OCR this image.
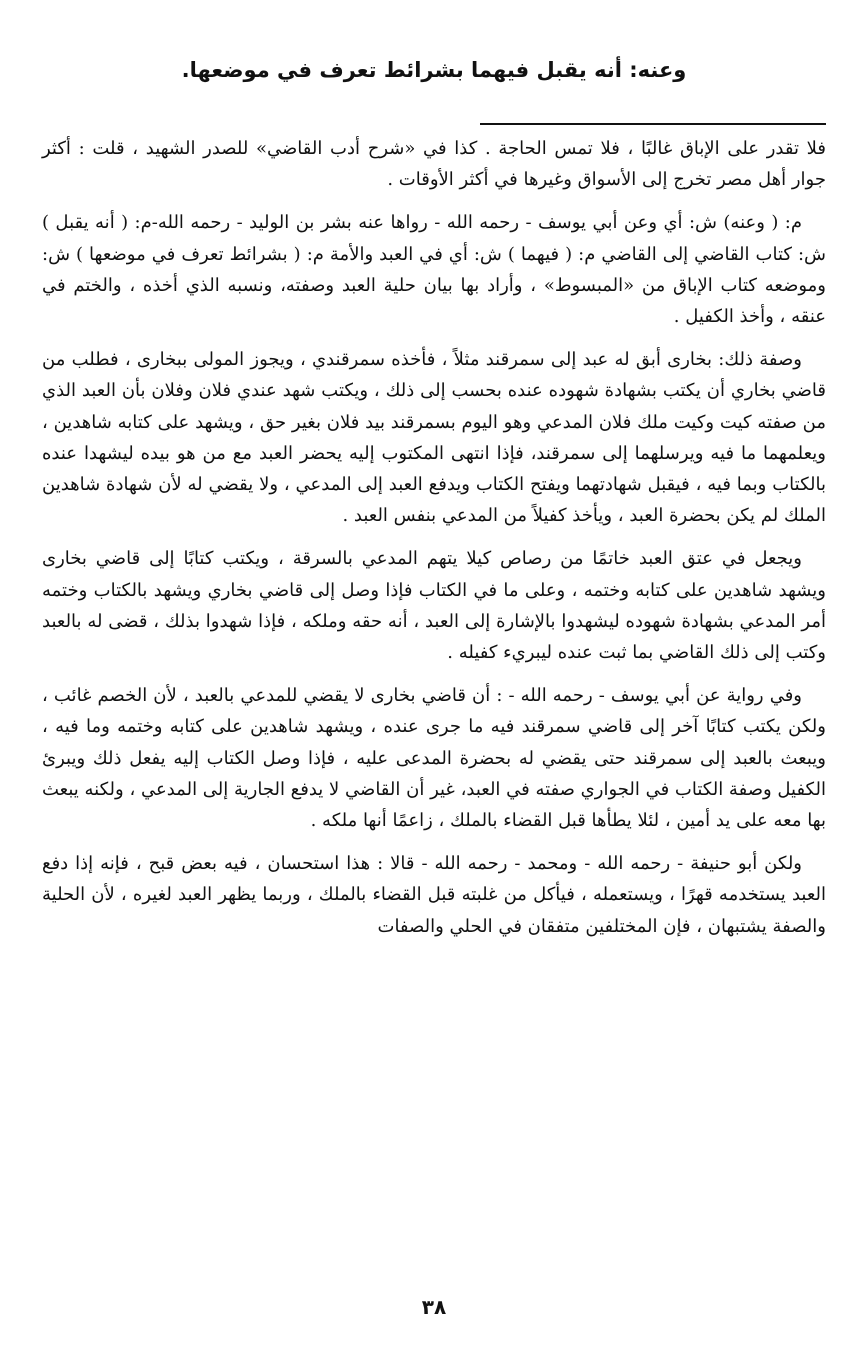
وعنه: أنه يقبل فيهما بشرائط تعرف في موضعها.

فلا تقدر على الإباق غالبًا ، فلا تمس الحاجة . كذا في «شرح أدب القاضي» للصدر الشهيد ، قلت : أكثر جوار أهل مصر تخرج إلى الأسواق وغيرها في أكثر الأوقات .

م: ( وعنه) ش: أي وعن أبي يوسف - رحمه الله - رواها عنه بشر بن الوليد - رحمه الله-م: ( أنه يقبل ) ش: كتاب القاضي إلى القاضي م: ( فيهما ) ش: أي في العبد والأمة م: ( بشرائط تعرف في موضعها ) ش: وموضعه كتاب الإباق من «المبسوط» ، وأراد بها بيان حلية العبد وصفته، ونسبه الذي أخذه ، والختم في عنقه ، وأخذ الكفيل .

وصفة ذلك: بخارى أبق له عبد إلى سمرقند مثلاً ، فأخذه سمرقندي ، ويجوز المولى ببخارى ، فطلب من قاضي بخاري أن يكتب بشهادة شهوده عنده بحسب إلى ذلك ، ويكتب شهد عندي فلان وفلان بأن العبد الذي من صفته كيت وكيت ملك فلان المدعي وهو اليوم بسمرقند بيد فلان بغير حق ، ويشهد على كتابه شاهدين ، ويعلمهما ما فيه ويرسلهما إلى سمرقند، فإذا انتهى المكتوب إليه يحضر العبد مع من هو بيده ليشهدا عنده بالكتاب وبما فيه ، فيقبل شهادتهما ويفتح الكتاب ويدفع العبد إلى المدعي ، ولا يقضي له لأن شهادة شاهدين الملك لم يكن بحضرة العبد ، ويأخذ كفيلاً من المدعي بنفس العبد .

ويجعل في عتق العبد خاتمًا من رصاص كيلا يتهم المدعي بالسرقة ، ويكتب كتابًا إلى قاضي بخارى ويشهد شاهدين على كتابه وختمه ، وعلى ما في الكتاب فإذا وصل إلى قاضي بخاري ويشهد بالكتاب وختمه أمر المدعي بشهادة شهوده ليشهدوا بالإشارة إلى العبد ، أنه حقه وملكه ، فإذا شهدوا بذلك ، قضى له بالعبد وكتب إلى ذلك القاضي بما ثبت عنده ليبريء كفيله .

وفي رواية عن أبي يوسف - رحمه الله - : أن قاضي بخارى لا يقضي للمدعي بالعبد ، لأن الخصم غائب ، ولكن يكتب كتابًا آخر إلى قاضي سمرقند فيه ما جرى عنده ، ويشهد شاهدين على كتابه وختمه وما فيه ، ويبعث بالعبد إلى سمرقند حتى يقضي له بحضرة المدعى عليه ، فإذا وصل الكتاب إليه يفعل ذلك ويبرئ الكفيل وصفة الكتاب في الجواري صفته في العبد، غير أن القاضي لا يدفع الجارية إلى المدعي ، ولكنه يبعث بها معه على يد أمين ، لئلا يطأها قبل القضاء بالملك ، زاعمًا أنها ملكه .

ولكن أبو حنيفة - رحمه الله - ومحمد - رحمه الله - قالا : هذا استحسان ، فيه بعض قبح ، فإنه إذا دفع العبد يستخدمه قهرًا ، ويستعمله ، فيأكل من غلبته قبل القضاء بالملك ، وربما يظهر العبد لغيره ، لأن الحلية والصفة يشتبهان ، فإن المختلفين متفقان في الحلي والصفات

٣٨
